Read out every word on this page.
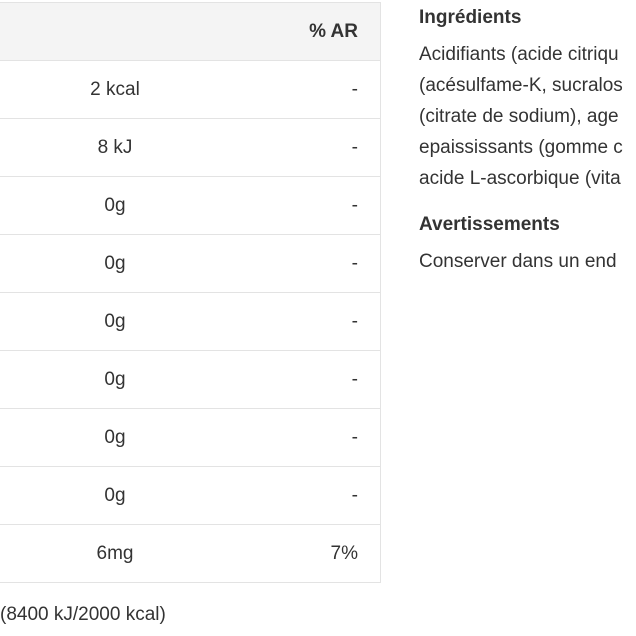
% AR
2 kcal	-
8 kJ	-
0g	-
0g	-
0g	-
0g	-
0g	-
0g	-
6mg	7%
(8400 kJ/2000 kcal)
Ingrédients
Acidifiants (acide citriqu
(acésulfame-K, sucralos
(citrate de sodium), age
epaississants (gomme c
acide L-ascorbique (vita
Avertissements
Conserver dans un end
